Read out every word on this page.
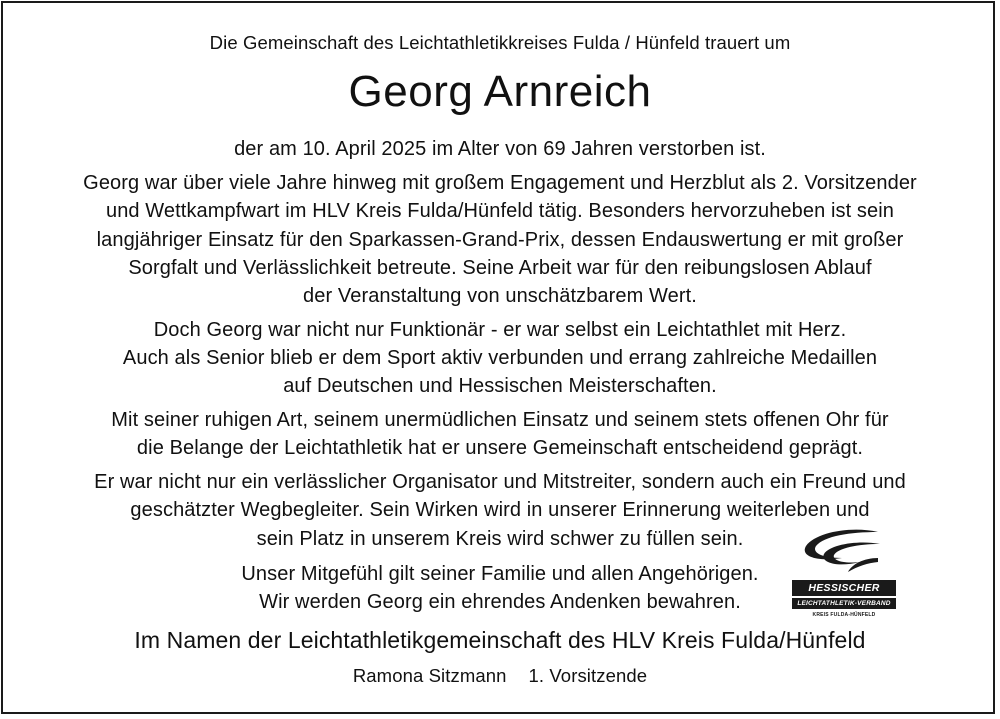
Die Gemeinschaft des Leichtathletikkreises Fulda / Hünfeld trauert um
Georg Arnreich
der am 10. April 2025 im Alter von 69 Jahren verstorben ist.
Georg war über viele Jahre hinweg mit großem Engagement und Herzblut als 2. Vorsitzender
und Wettkampfwart im HLV Kreis Fulda/Hünfeld tätig. Besonders hervorzuheben ist sein
langjähriger Einsatz für den Sparkassen-Grand-Prix, dessen Endauswertung er mit großer
Sorgfalt und Verlässlichkeit betreute. Seine Arbeit war für den reibungslosen Ablauf
der Veranstaltung von unschätzbarem Wert.
Doch Georg war nicht nur Funktionär - er war selbst ein Leichtathlet mit Herz.
Auch als Senior blieb er dem Sport aktiv verbunden und errang zahlreiche Medaillen
auf Deutschen und Hessischen Meisterschaften.
Mit seiner ruhigen Art, seinem unermüdlichen Einsatz und seinem stets offenen Ohr für
die Belange der Leichtathletik hat er unsere Gemeinschaft entscheidend geprägt.
Er war nicht nur ein verlässlicher Organisator und Mitstreiter, sondern auch ein Freund und
geschätzter Wegbegleiter. Sein Wirken wird in unserer Erinnerung weiterleben und
sein Platz in unserem Kreis wird schwer zu füllen sein.
Unser Mitgefühl gilt seiner Familie und allen Angehörigen.
Wir werden Georg ein ehrendes Andenken bewahren.
Im Namen der Leichtathletikgemeinschaft des HLV Kreis Fulda/Hünfeld
Ramona Sitzmann 1. Vorsitzende
HESSISCHER
LEICHTATHLETIK-VERBAND
KREIS FULDA-HÜNFELD
